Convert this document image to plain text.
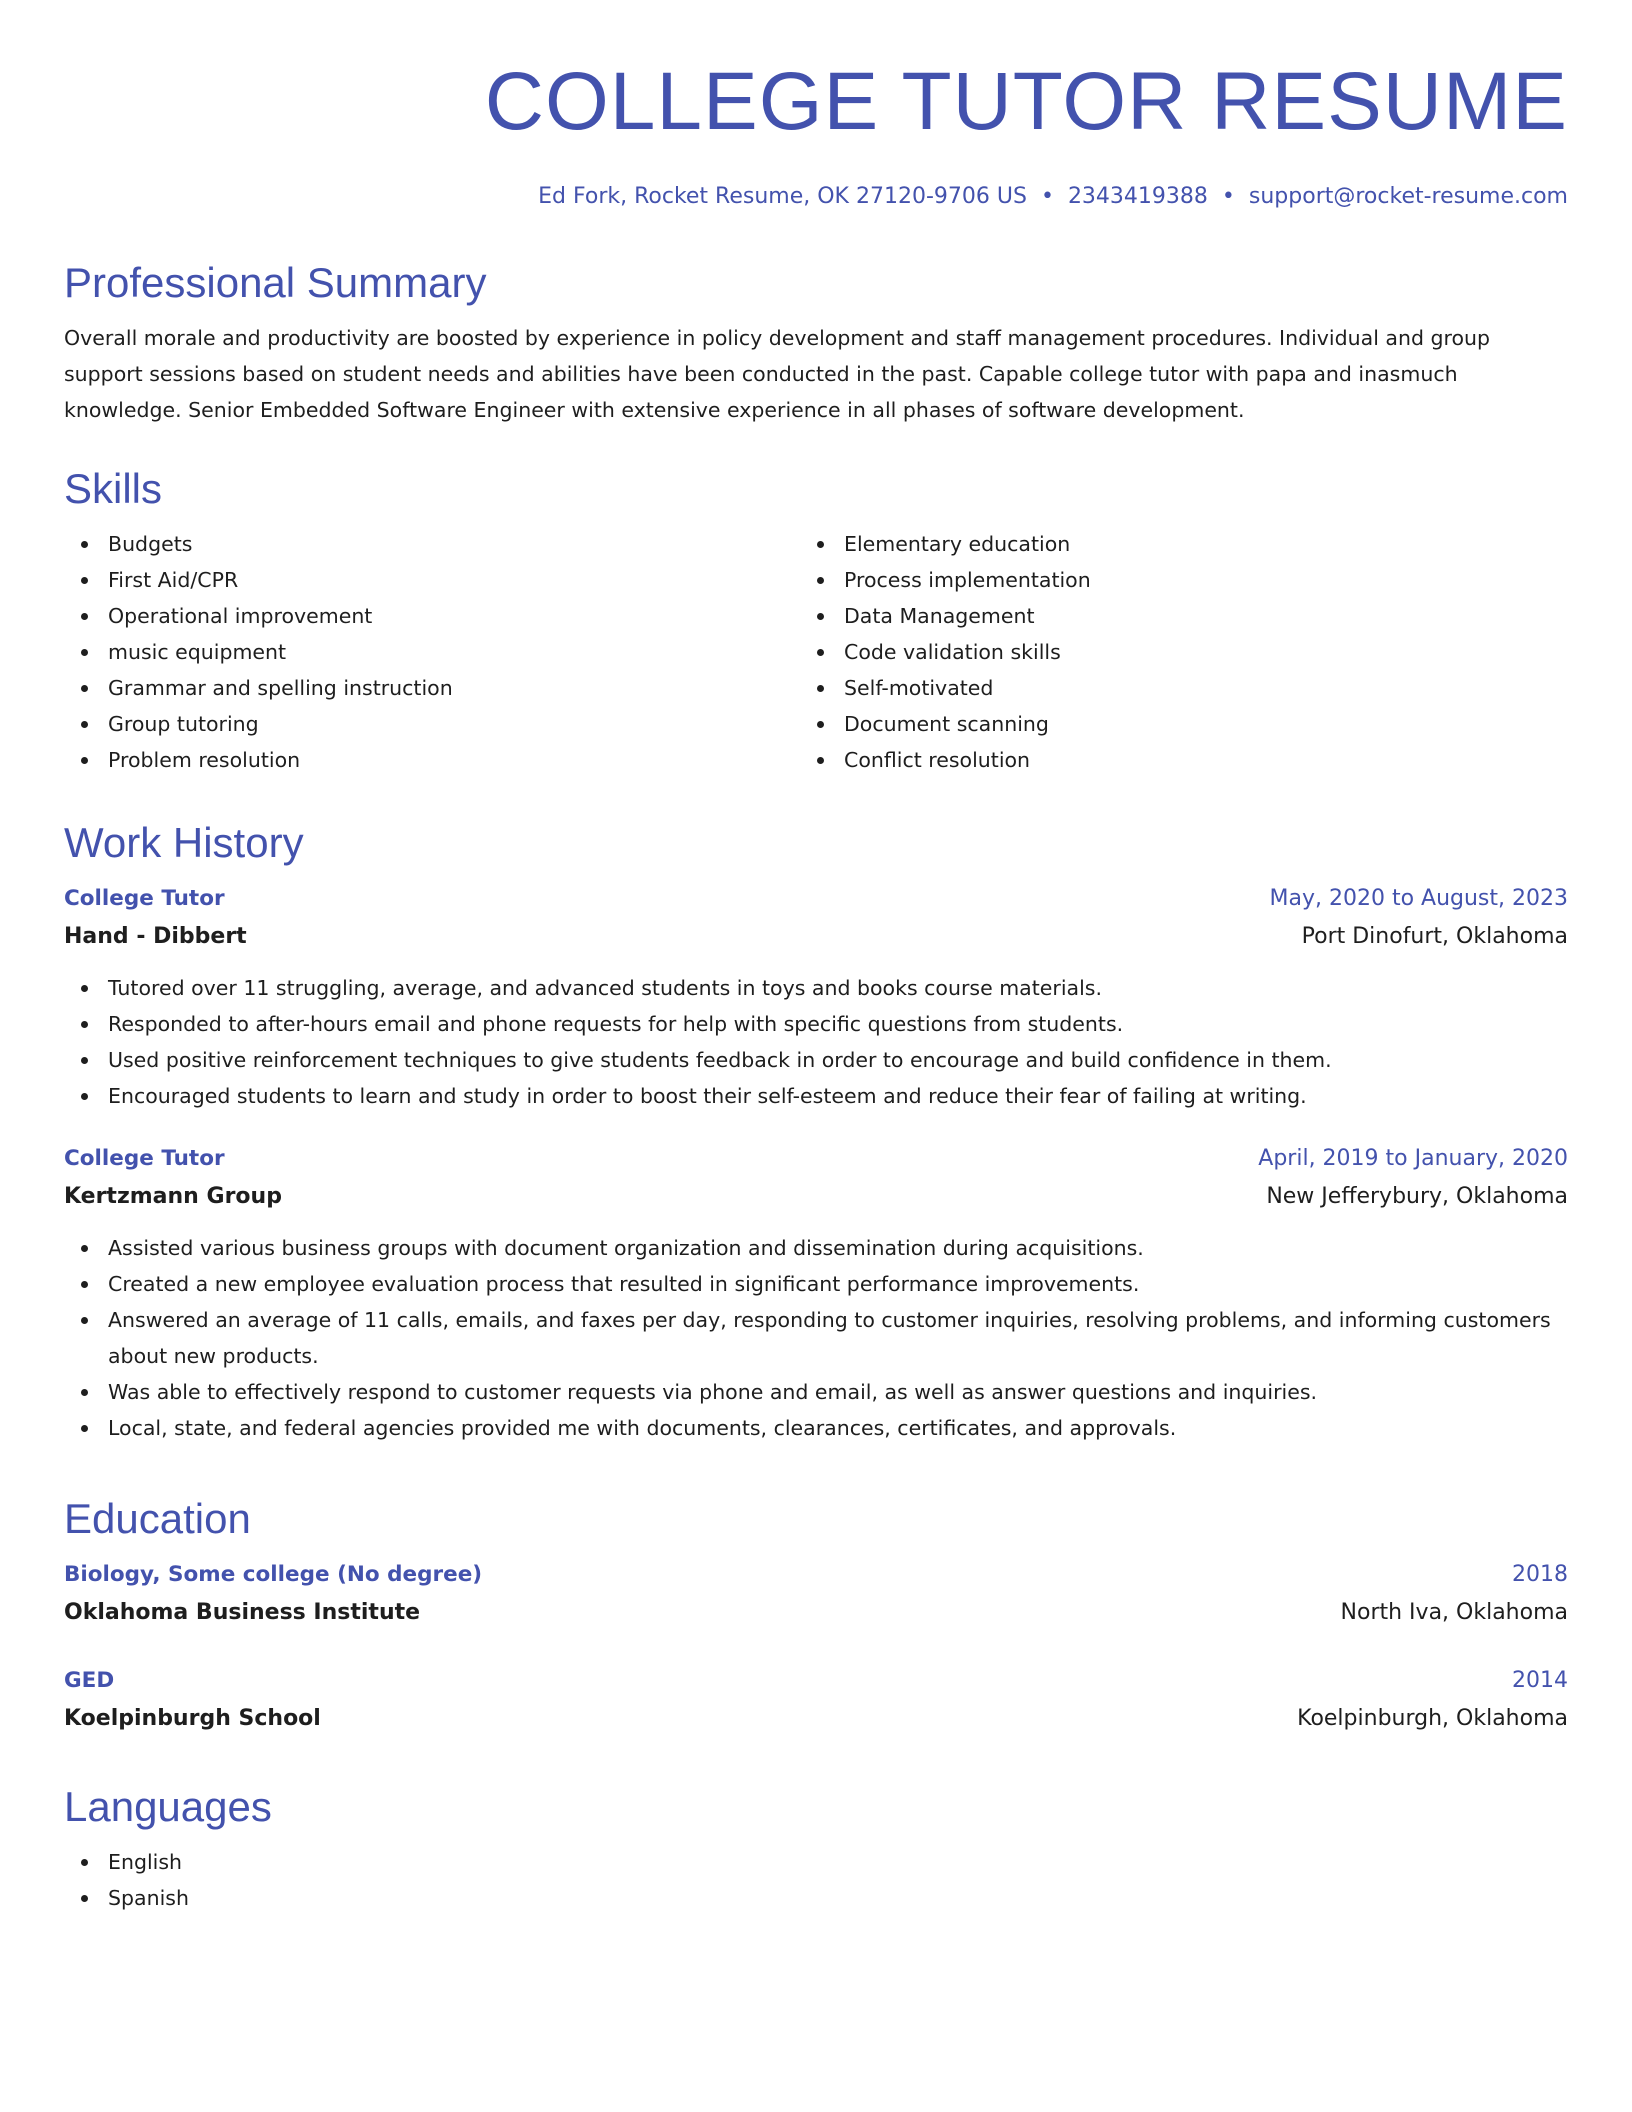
COLLEGE TUTOR RESUME
Ed Fork, Rocket Resume, OK 27120-9706 US • 2343419388 • support@rocket-resume.com
Professional Summary

Overall morale and productivity are boosted by experience in policy development and staff management procedures. Individual and group support sessions based on student needs and abilities have been conducted in the past. Capable college tutor with papa and inasmuch knowledge. Senior Embedded Software Engineer with extensive experience in all phases of software development.

Skills
Budgets
First Aid/CPR
Operational improvement
music equipment
Grammar and spelling instruction
Group tutoring
Problem resolution
Elementary education
Process implementation
Data Management
Code validation skills
Self-motivated
Document scanning
Conflict resolution
Work History
College Tutor	May, 2020 to August, 2023
Hand - Dibbert	Port Dinofurt, Oklahoma
Tutored over 11 struggling, average, and advanced students in toys and books course materials.
Responded to after-hours email and phone requests for help with specific questions from students.
Used positive reinforcement techniques to give students feedback in order to encourage and build confidence in them.
Encouraged students to learn and study in order to boost their self-esteem and reduce their fear of failing at writing.
College Tutor	April, 2019 to January, 2020
Kertzmann Group	New Jefferybury, Oklahoma
Assisted various business groups with document organization and dissemination during acquisitions.
Created a new employee evaluation process that resulted in significant performance improvements.
Answered an average of 11 calls, emails, and faxes per day, responding to customer inquiries, resolving problems, and informing customers about new products.
Was able to effectively respond to customer requests via phone and email, as well as answer questions and inquiries.
Local, state, and federal agencies provided me with documents, clearances, certificates, and approvals.
Education
Biology, Some college (No degree)	2018
Oklahoma Business Institute	North Iva, Oklahoma
GED	2014
Koelpinburgh School	Koelpinburgh, Oklahoma
Languages
English
Spanish
